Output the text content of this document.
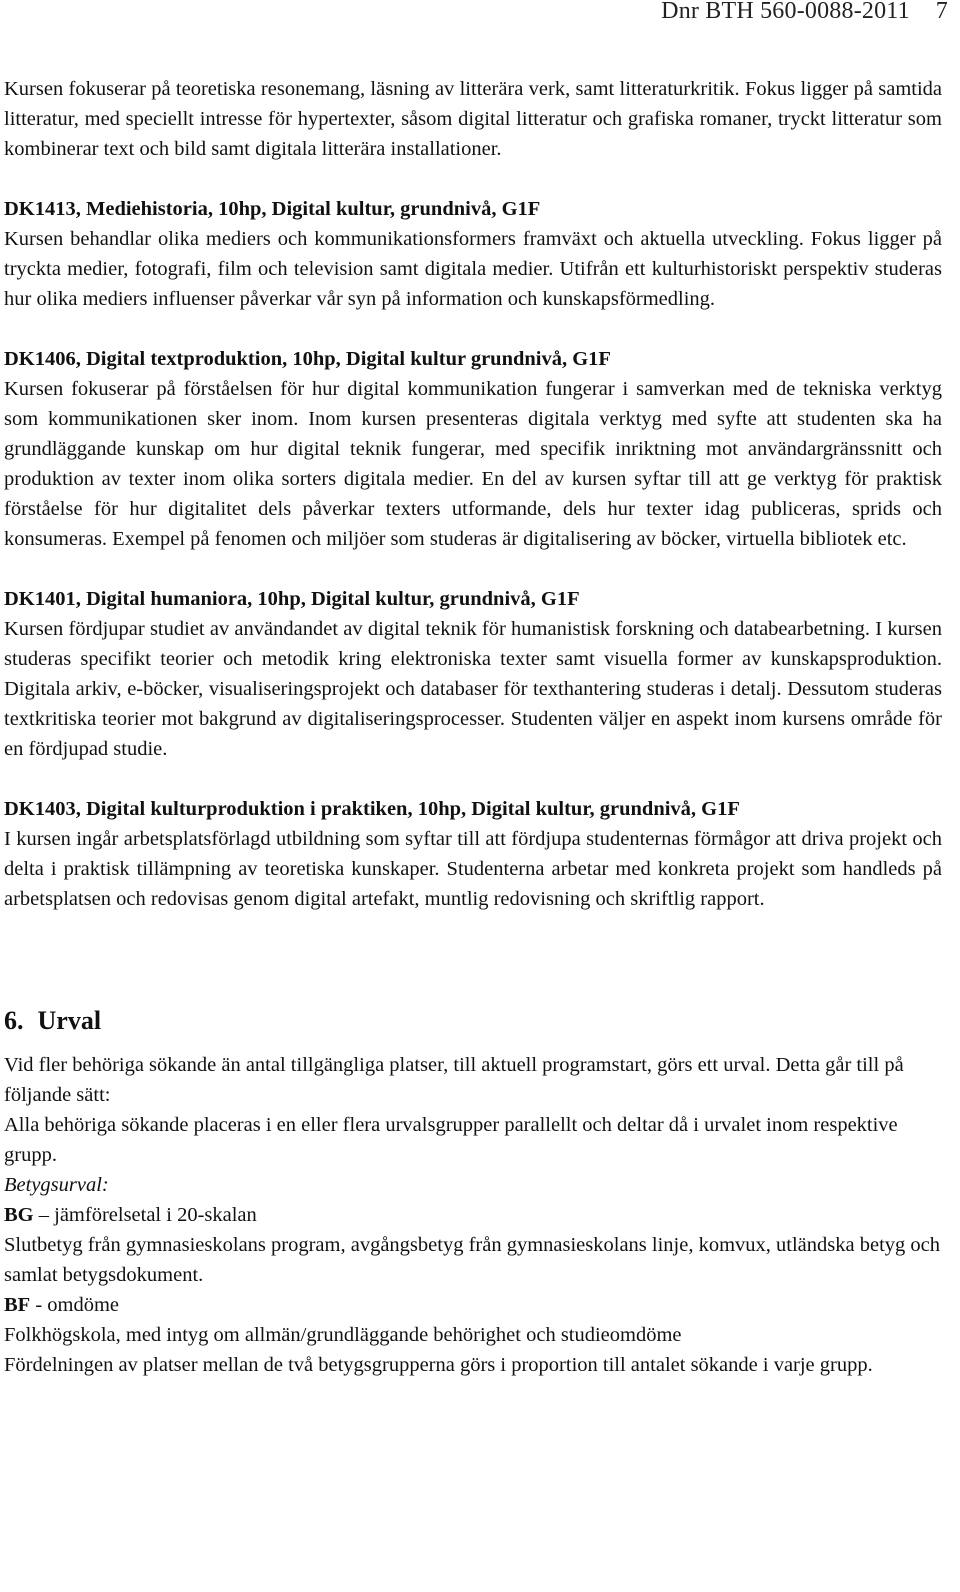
Dnr BTH 560-0088-2011 7

Kursen fokuserar på teoretiska resonemang, läsning av litterära verk, samt litteraturkritik. Fokus ligger på samtida litteratur, med speciellt intresse för hypertexter, såsom digital litteratur och grafiska romaner, tryckt litteratur som kombinerar text och bild samt digitala litterära installationer.

DK1413, Mediehistoria, 10hp, Digital kultur, grundnivå, G1F

Kursen behandlar olika mediers och kommunikationsformers framväxt och aktuella utveckling. Fokus ligger på tryckta medier, fotografi, film och television samt digitala medier. Utifrån ett kulturhistoriskt perspektiv studeras hur olika mediers influenser påverkar vår syn på information och kunskapsförmedling.

DK1406, Digital textproduktion, 10hp, Digital kultur grundnivå, G1F

Kursen fokuserar på förståelsen för hur digital kommunikation fungerar i samverkan med de tekniska verktyg som kommunikationen sker inom. Inom kursen presenteras digitala verktyg med syfte att studenten ska ha grundläggande kunskap om hur digital teknik fungerar, med specifik inriktning mot användargränssnitt och produktion av texter inom olika sorters digitala medier. En del av kursen syftar till att ge verktyg för praktisk förståelse för hur digitalitet dels påverkar texters utformande, dels hur texter idag publiceras, sprids och konsumeras. Exempel på fenomen och miljöer som studeras är digitalisering av böcker, virtuella bibliotek etc.

DK1401, Digital humaniora, 10hp, Digital kultur, grundnivå, G1F

Kursen fördjupar studiet av användandet av digital teknik för humanistisk forskning och databearbetning. I kursen studeras specifikt teorier och metodik kring elektroniska texter samt visuella former av kunskapsproduktion. Digitala arkiv, e-böcker, visualiseringsprojekt och databaser för texthantering studeras i detalj. Dessutom studeras textkritiska teorier mot bakgrund av digitaliseringsprocesser. Studenten väljer en aspekt inom kursens område för en fördjupad studie.

DK1403, Digital kulturproduktion i praktiken, 10hp, Digital kultur, grundnivå, G1F

I kursen ingår arbetsplatsförlagd utbildning som syftar till att fördjupa studenternas förmågor att driva projekt och delta i praktisk tillämpning av teoretiska kunskaper. Studenterna arbetar med konkreta projekt som handleds på arbetsplatsen och redovisas genom digital artefakt, muntlig redovisning och skriftlig rapport.

6. Urval

Vid fler behöriga sökande än antal tillgängliga platser, till aktuell programstart, görs ett urval. Detta går till på följande sätt:

Alla behöriga sökande placeras i en eller flera urvalsgrupper parallellt och deltar då i urvalet inom respektive grupp.

Betygsurval:

BG – jämförelsetal i 20-skalan

Slutbetyg från gymnasieskolans program, avgångsbetyg från gymnasieskolans linje, komvux, utländska betyg och samlat betygsdokument.

BF - omdöme

Folkhögskola, med intyg om allmän/grundläggande behörighet och studieomdöme

Fördelningen av platser mellan de två betygsgrupperna görs i proportion till antalet sökande i varje grupp.
